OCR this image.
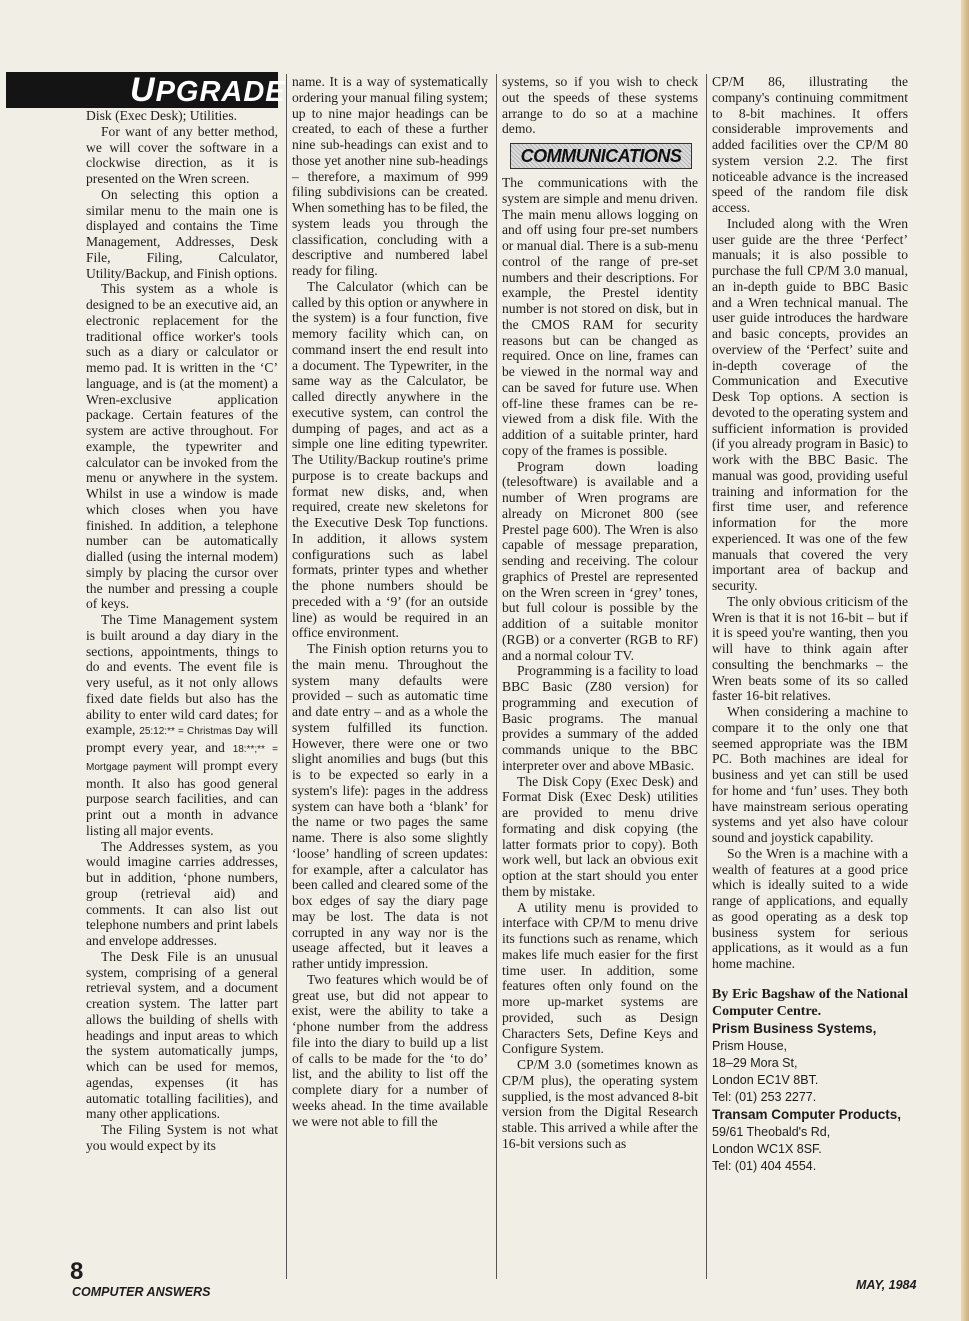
UPGRADE

Disk (Exec Desk); Utilities.

For want of any better method, we will cover the software in a clockwise direction, as it is presented on the Wren screen.

On selecting this option a similar menu to the main one is displayed and contains the Time Management, Addresses, Desk File, Filing, Calculator, Utility/Backup, and Finish options.

This system as a whole is designed to be an executive aid, an electronic replacement for the traditional office worker's tools such as a diary or calculator or memo pad. It is written in the ‘C’ language, and is (at the moment) a Wren-exclusive application package. Certain features of the system are active throughout. For example, the typewriter and calculator can be invoked from the menu or anywhere in the system. Whilst in use a window is made which closes when you have finished. In addition, a telephone number can be automatically dialled (using the internal modem) simply by placing the cursor over the number and pressing a couple of keys.

The Time Management system is built around a day diary in the sections, appointments, things to do and events. The event file is very useful, as it not only allows fixed date fields but also has the ability to enter wild card dates; for example, 25:12:** = Christmas Day will prompt every year, and 18:**;** = Mortgage payment will prompt every month. It also has good general purpose search facilities, and can print out a month in advance listing all major events.

The Addresses system, as you would imagine carries addresses, but in addition, ‘phone numbers, group (retrieval aid) and comments. It can also list out telephone numbers and print labels and envelope addresses.

The Desk File is an unusual system, comprising of a general retrieval system, and a document creation system. The latter part allows the building of shells with headings and input areas to which the system automatically jumps, which can be used for memos, agendas, expenses (it has automatic totalling facilities), and many other applications.

The Filing System is not what you would expect by its

name. It is a way of systematically ordering your manual filing system; up to nine major headings can be created, to each of these a further nine sub-headings can exist and to those yet another nine sub-headings – therefore, a maximum of 999 filing subdivisions can be created. When something has to be filed, the system leads you through the classification, concluding with a descriptive and numbered label ready for filing.

The Calculator (which can be called by this option or anywhere in the system) is a four function, five memory facility which can, on command insert the end result into a document. The Typewriter, in the same way as the Calculator, be called directly anywhere in the executive system, can control the dumping of pages, and act as a simple one line editing typewriter. The Utility/Backup routine's prime purpose is to create backups and format new disks, and, when required, create new skeletons for the Executive Desk Top functions. In addition, it allows system configurations such as label formats, printer types and whether the phone numbers should be preceded with a ‘9’ (for an outside line) as would be required in an office environment.

The Finish option returns you to the main menu. Throughout the system many defaults were provided – such as automatic time and date entry – and as a whole the system fulfilled its function. However, there were one or two slight anomilies and bugs (but this is to be expected so early in a system's life): pages in the address system can have both a ‘blank’ for the name or two pages the same name. There is also some slightly ‘loose’ handling of screen updates: for example, after a calculator has been called and cleared some of the box edges of say the diary page may be lost. The data is not corrupted in any way nor is the useage affected, but it leaves a rather untidy impression.

Two features which would be of great use, but did not appear to exist, were the ability to take a ‘phone number from the address file into the diary to build up a list of calls to be made for the ‘to do’ list, and the ability to list off the complete diary for a number of weeks ahead. In the time available we were not able to fill the

systems, so if you wish to check out the speeds of these systems arrange to do so at a machine demo.

COMMUNICATIONS

The communications with the system are simple and menu driven. The main menu allows logging on and off using four pre-set numbers or manual dial. There is a sub-menu control of the range of pre-set numbers and their descriptions. For example, the Prestel identity number is not stored on disk, but in the CMOS RAM for security reasons but can be changed as required. Once on line, frames can be viewed in the normal way and can be saved for future use. When off-line these frames can be re-viewed from a disk file. With the addition of a suitable printer, hard copy of the frames is possible.

Program down loading (telesoftware) is available and a number of Wren programs are already on Micronet 800 (see Prestel page 600). The Wren is also capable of message preparation, sending and receiving. The colour graphics of Prestel are represented on the Wren screen in ‘grey’ tones, but full colour is possible by the addition of a suitable monitor (RGB) or a converter (RGB to RF) and a normal colour TV.

Programming is a facility to load BBC Basic (Z80 version) for programming and execution of Basic programs. The manual provides a summary of the added commands unique to the BBC interpreter over and above MBasic.

The Disk Copy (Exec Desk) and Format Disk (Exec Desk) utilities are provided to menu drive formating and disk copying (the latter formats prior to copy). Both work well, but lack an obvious exit option at the start should you enter them by mistake.

A utility menu is provided to interface with CP/M to menu drive its functions such as rename, which makes life much easier for the first time user. In addition, some features often only found on the more up-market systems are provided, such as Design Characters Sets, Define Keys and Configure System.

CP/M 3.0 (sometimes known as CP/M plus), the operating system supplied, is the most advanced 8-bit version from the Digital Research stable. This arrived a while after the 16-bit versions such as

CP/M 86, illustrating the company's continuing commitment to 8-bit machines. It offers considerable improvements and added facilities over the CP/M 80 system version 2.2. The first noticeable advance is the increased speed of the random file disk access.

Included along with the Wren user guide are the three ‘Perfect’ manuals; it is also possible to purchase the full CP/M 3.0 manual, an in-depth guide to BBC Basic and a Wren technical manual. The user guide introduces the hardware and basic concepts, provides an overview of the ‘Perfect’ suite and in-depth coverage of the Communication and Executive Desk Top options. A section is devoted to the operating system and sufficient information is provided (if you already program in Basic) to work with the BBC Basic. The manual was good, providing useful training and information for the first time user, and reference information for the more experienced. It was one of the few manuals that covered the very important area of backup and security.

The only obvious criticism of the Wren is that it is not 16-bit – but if it is speed you're wanting, then you will have to think again after consulting the benchmarks – the Wren beats some of its so called faster 16-bit relatives.

When considering a machine to compare it to the only one that seemed appropriate was the IBM PC. Both machines are ideal for business and yet can still be used for home and ‘fun’ uses. They both have mainstream serious operating systems and yet also have colour sound and joystick capability.

So the Wren is a machine with a wealth of features at a good price which is ideally suited to a wide range of applications, and equally as good operating as a desk top business system for serious applications, as it would as a fun home machine.

By Eric Bagshaw of the National Computer Centre.
Prism Business Systems,
Prism House,
18–29 Mora St,
London EC1V 8BT.
Tel: (01) 253 2277.
Transam Computer Products,
59/61 Theobald's Rd,
London WC1X 8SF.
Tel: (01) 404 4554.
8
COMPUTER ANSWERS	MAY, 1984
